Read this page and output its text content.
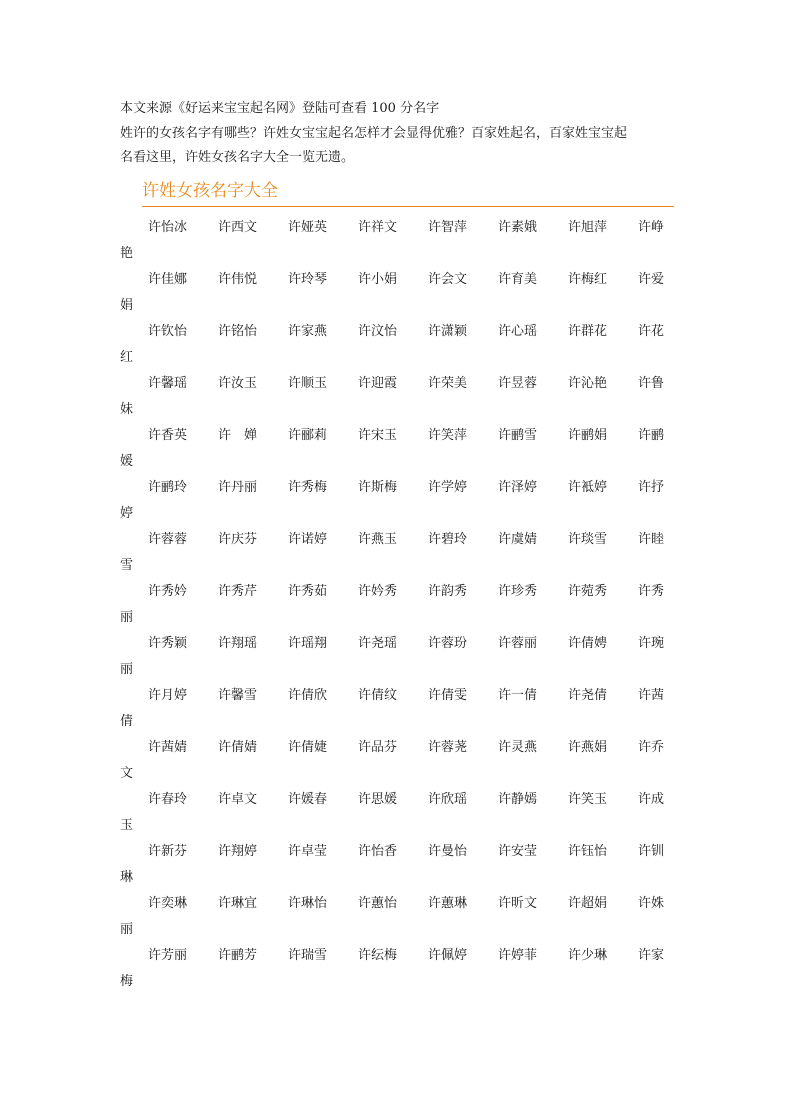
本文来源《好运来宝宝起名网》登陆可查看 100 分名字

姓许的女孩名字有哪些？许姓女宝宝起名怎样才会显得优雅？百家姓起名，百家姓宝宝起

名看这里，许姓女孩名字大全一览无遗。

许姓女孩名字大全

许怡冰 许西文 许娅英 许祥文 许智萍 许素娥 许旭萍 许峥艳

许佳娜 许伟悦 许玲琴 许小娟 许会文 许育美 许梅红 许爱娟

许钦怡 许铭怡 许家燕 许汶怡 许潇颖 许心瑶 许群花 许花红

许馨瑶 许汝玉 许顺玉 许迎霞 许荣美 许昱蓉 许沁艳 许鲁妹

许香英 许　婵 许郦莉 许宋玉 许笑萍 许鹂雪 许鹂娟 许鹂媛

许鹂玲 许丹丽 许秀梅 许斯梅 许学婷 许泽婷 许袛婷 许抒婷

许蓉蓉 许庆芬 许诺婷 许燕玉 许碧玲 许虞婧 许琰雪 许睦雪

许秀妗 许秀芹 许秀茹 许妗秀 许韵秀 许珍秀 许菀秀 许秀丽

许秀颖 许翔瑶 许瑶翔 许尧瑶 许蓉玢 许蓉丽 许倩娉 许琬丽

许月婷 许馨雪 许倩欣 许倩纹 许倩雯 许一倩 许尧倩 许茜倩

许茜婧 许倩婧 许倩婕 许品芬 许蓉荛 许灵燕 许燕娟 许乔文

许春玲 许卓文 许媛春 许思媛 许欣瑶 许静嫣 许笑玉 许成玉

许新芬 许翔婷 许卓莹 许怡香 许曼怡 许安莹 许钰怡 许钏琳

许奕琳 许琳宜 许琳怡 许蕙怡 许蕙琳 许昕文 许超娟 许姝丽

许芳丽 许鹂芳 许瑞雪 许纭梅 许佩婷 许婷菲 许少琳 许家梅
